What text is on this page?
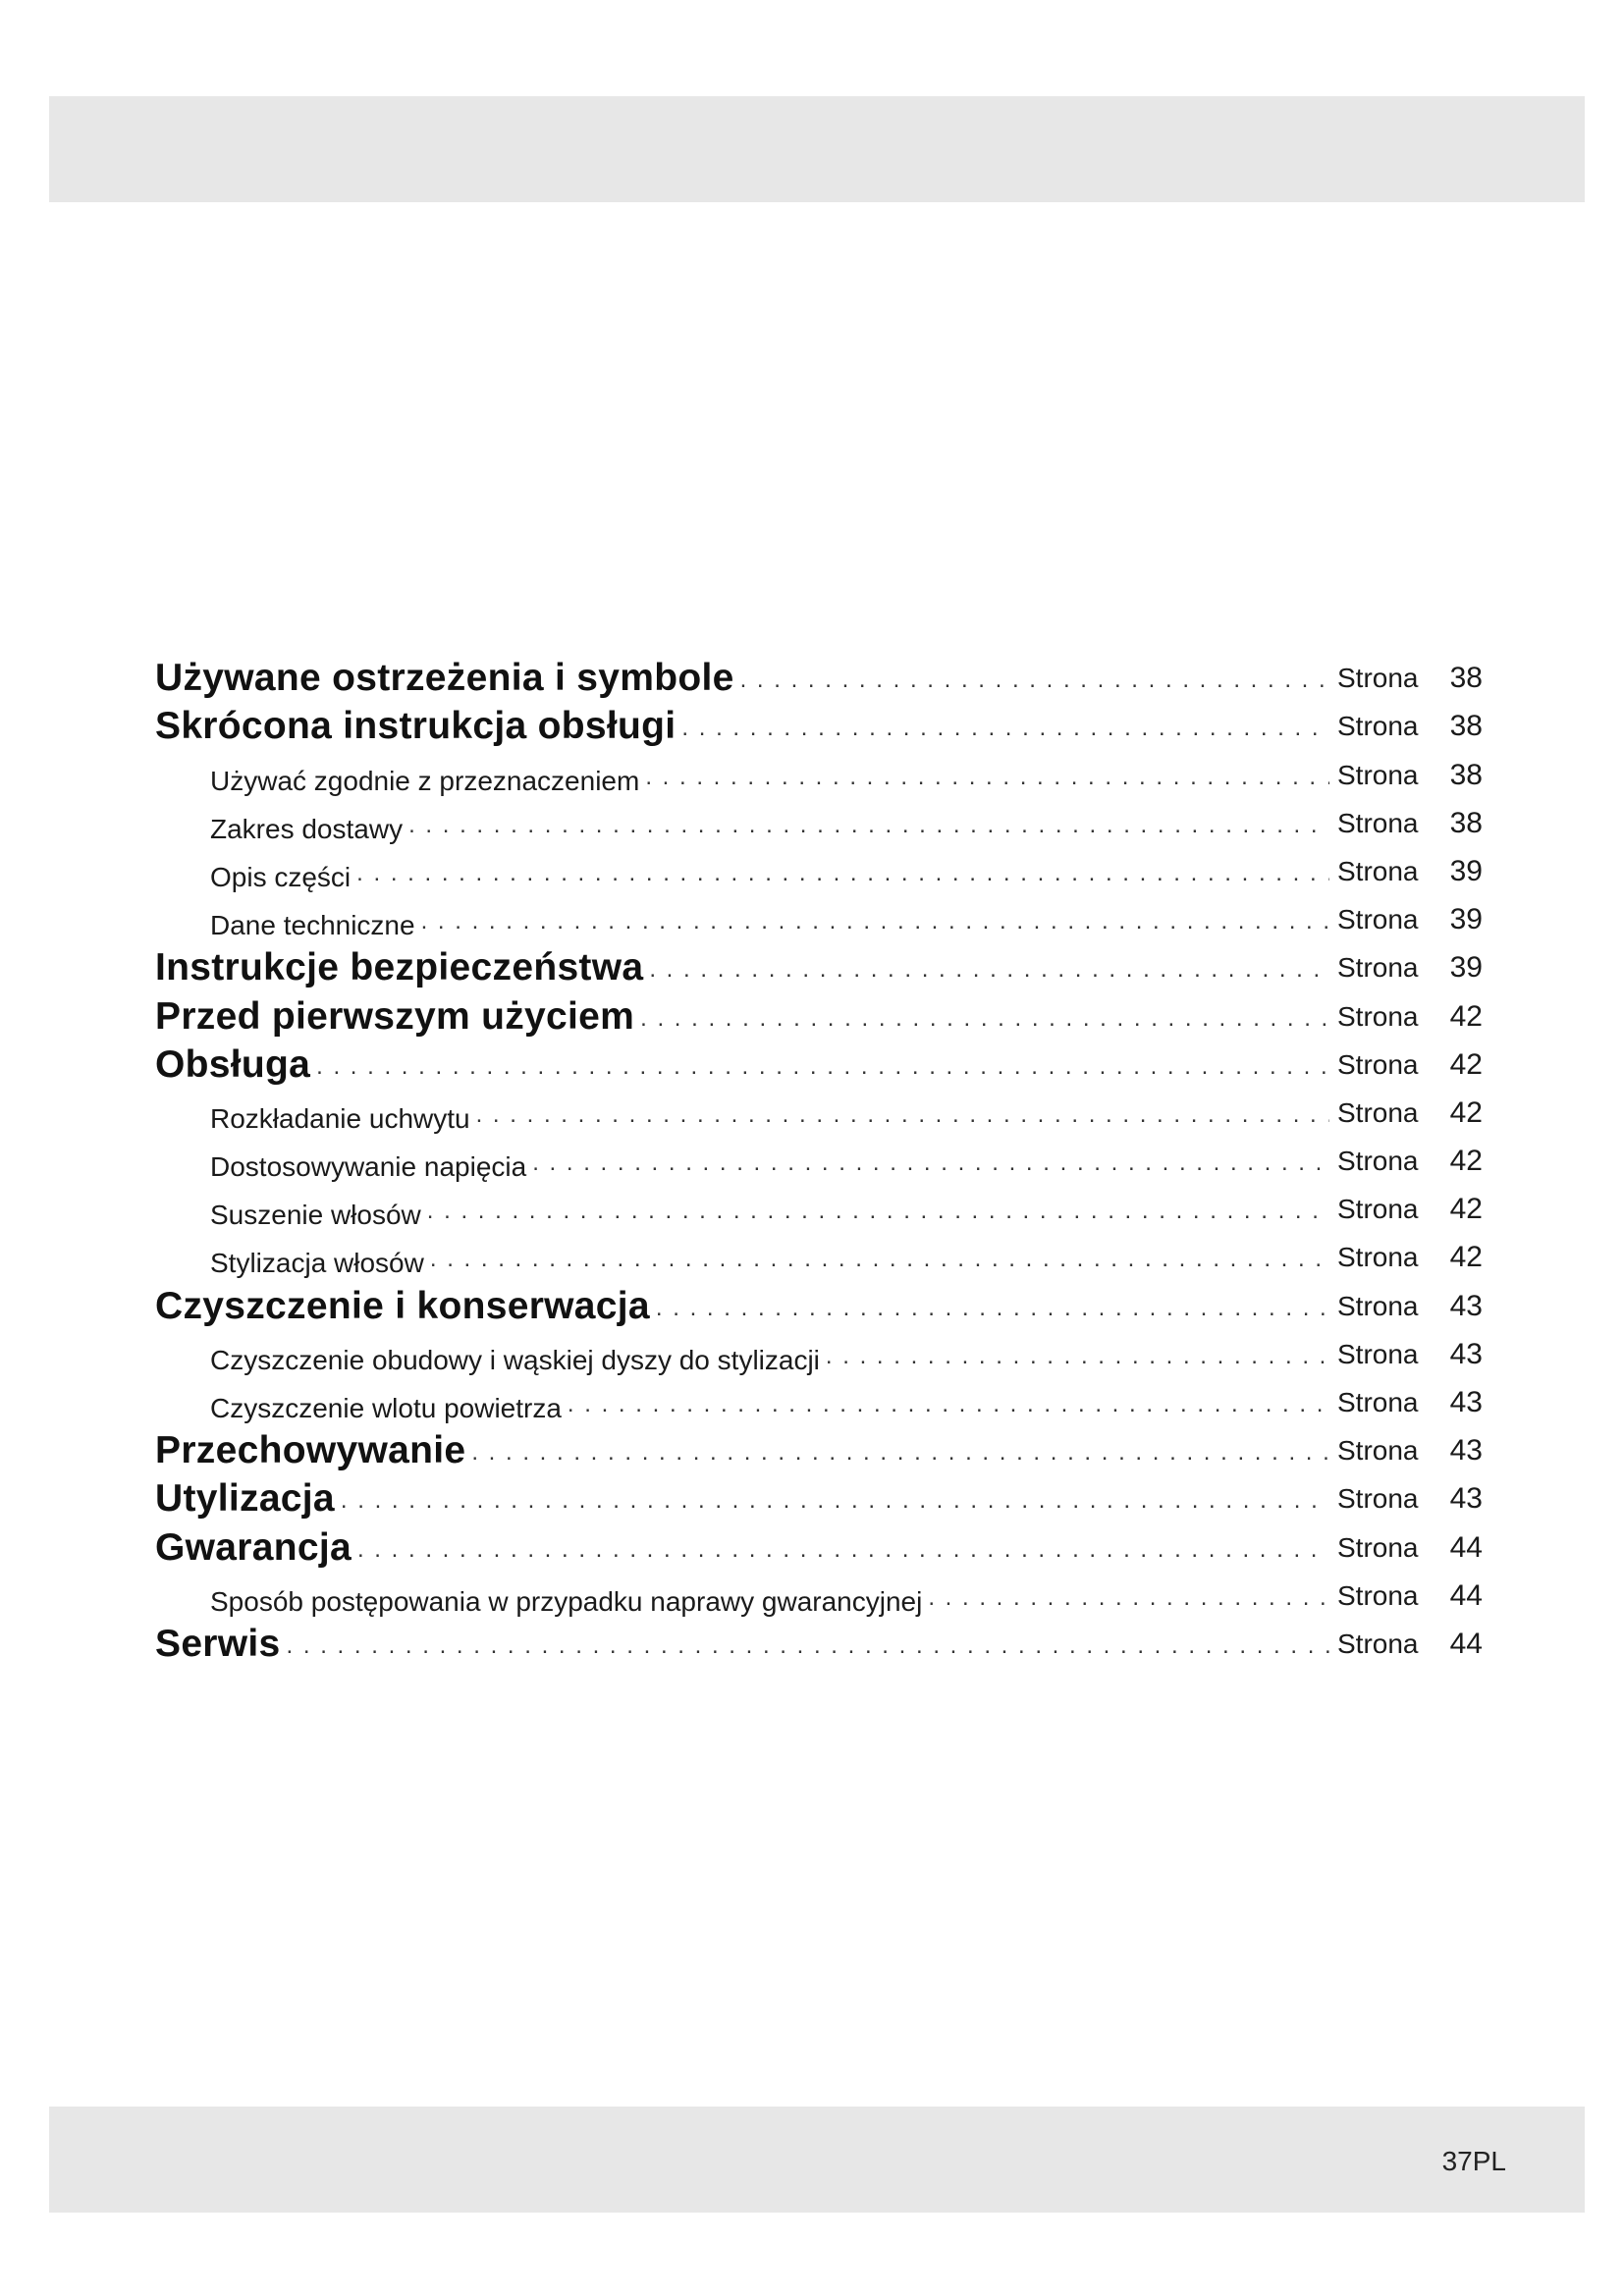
Używane ostrzeżenia i symbole . . .	Strona	38
Skrócona instrukcja obsługi . . .	Strona	38
Używać zgodnie z przeznaczeniem . . .	Strona	38
Zakres dostawy . . .	Strona	38
Opis części . . .	Strona	39
Dane techniczne . . .	Strona	39
Instrukcje bezpieczeństwa . . .	Strona	39
Przed pierwszym użyciem . . .	Strona	42
Obsługa . . .	Strona	42
Rozkładanie uchwytu . . .	Strona	42
Dostosowywanie napięcia . . .	Strona	42
Suszenie włosów . . .	Strona	42
Stylizacja włosów . . .	Strona	42
Czyszczenie i konserwacja . . .	Strona	43
Czyszczenie obudowy i wąskiej dyszy do stylizacji . . .	Strona	43
Czyszczenie wlotu powietrza . . .	Strona	43
Przechowywanie . . .	Strona	43
Utylizacja . . .	Strona	43
Gwarancja . . .	Strona	44
Sposób postępowania w przypadku naprawy gwarancyjnej . . .	Strona	44
Serwis . . .	Strona	44
37PL
